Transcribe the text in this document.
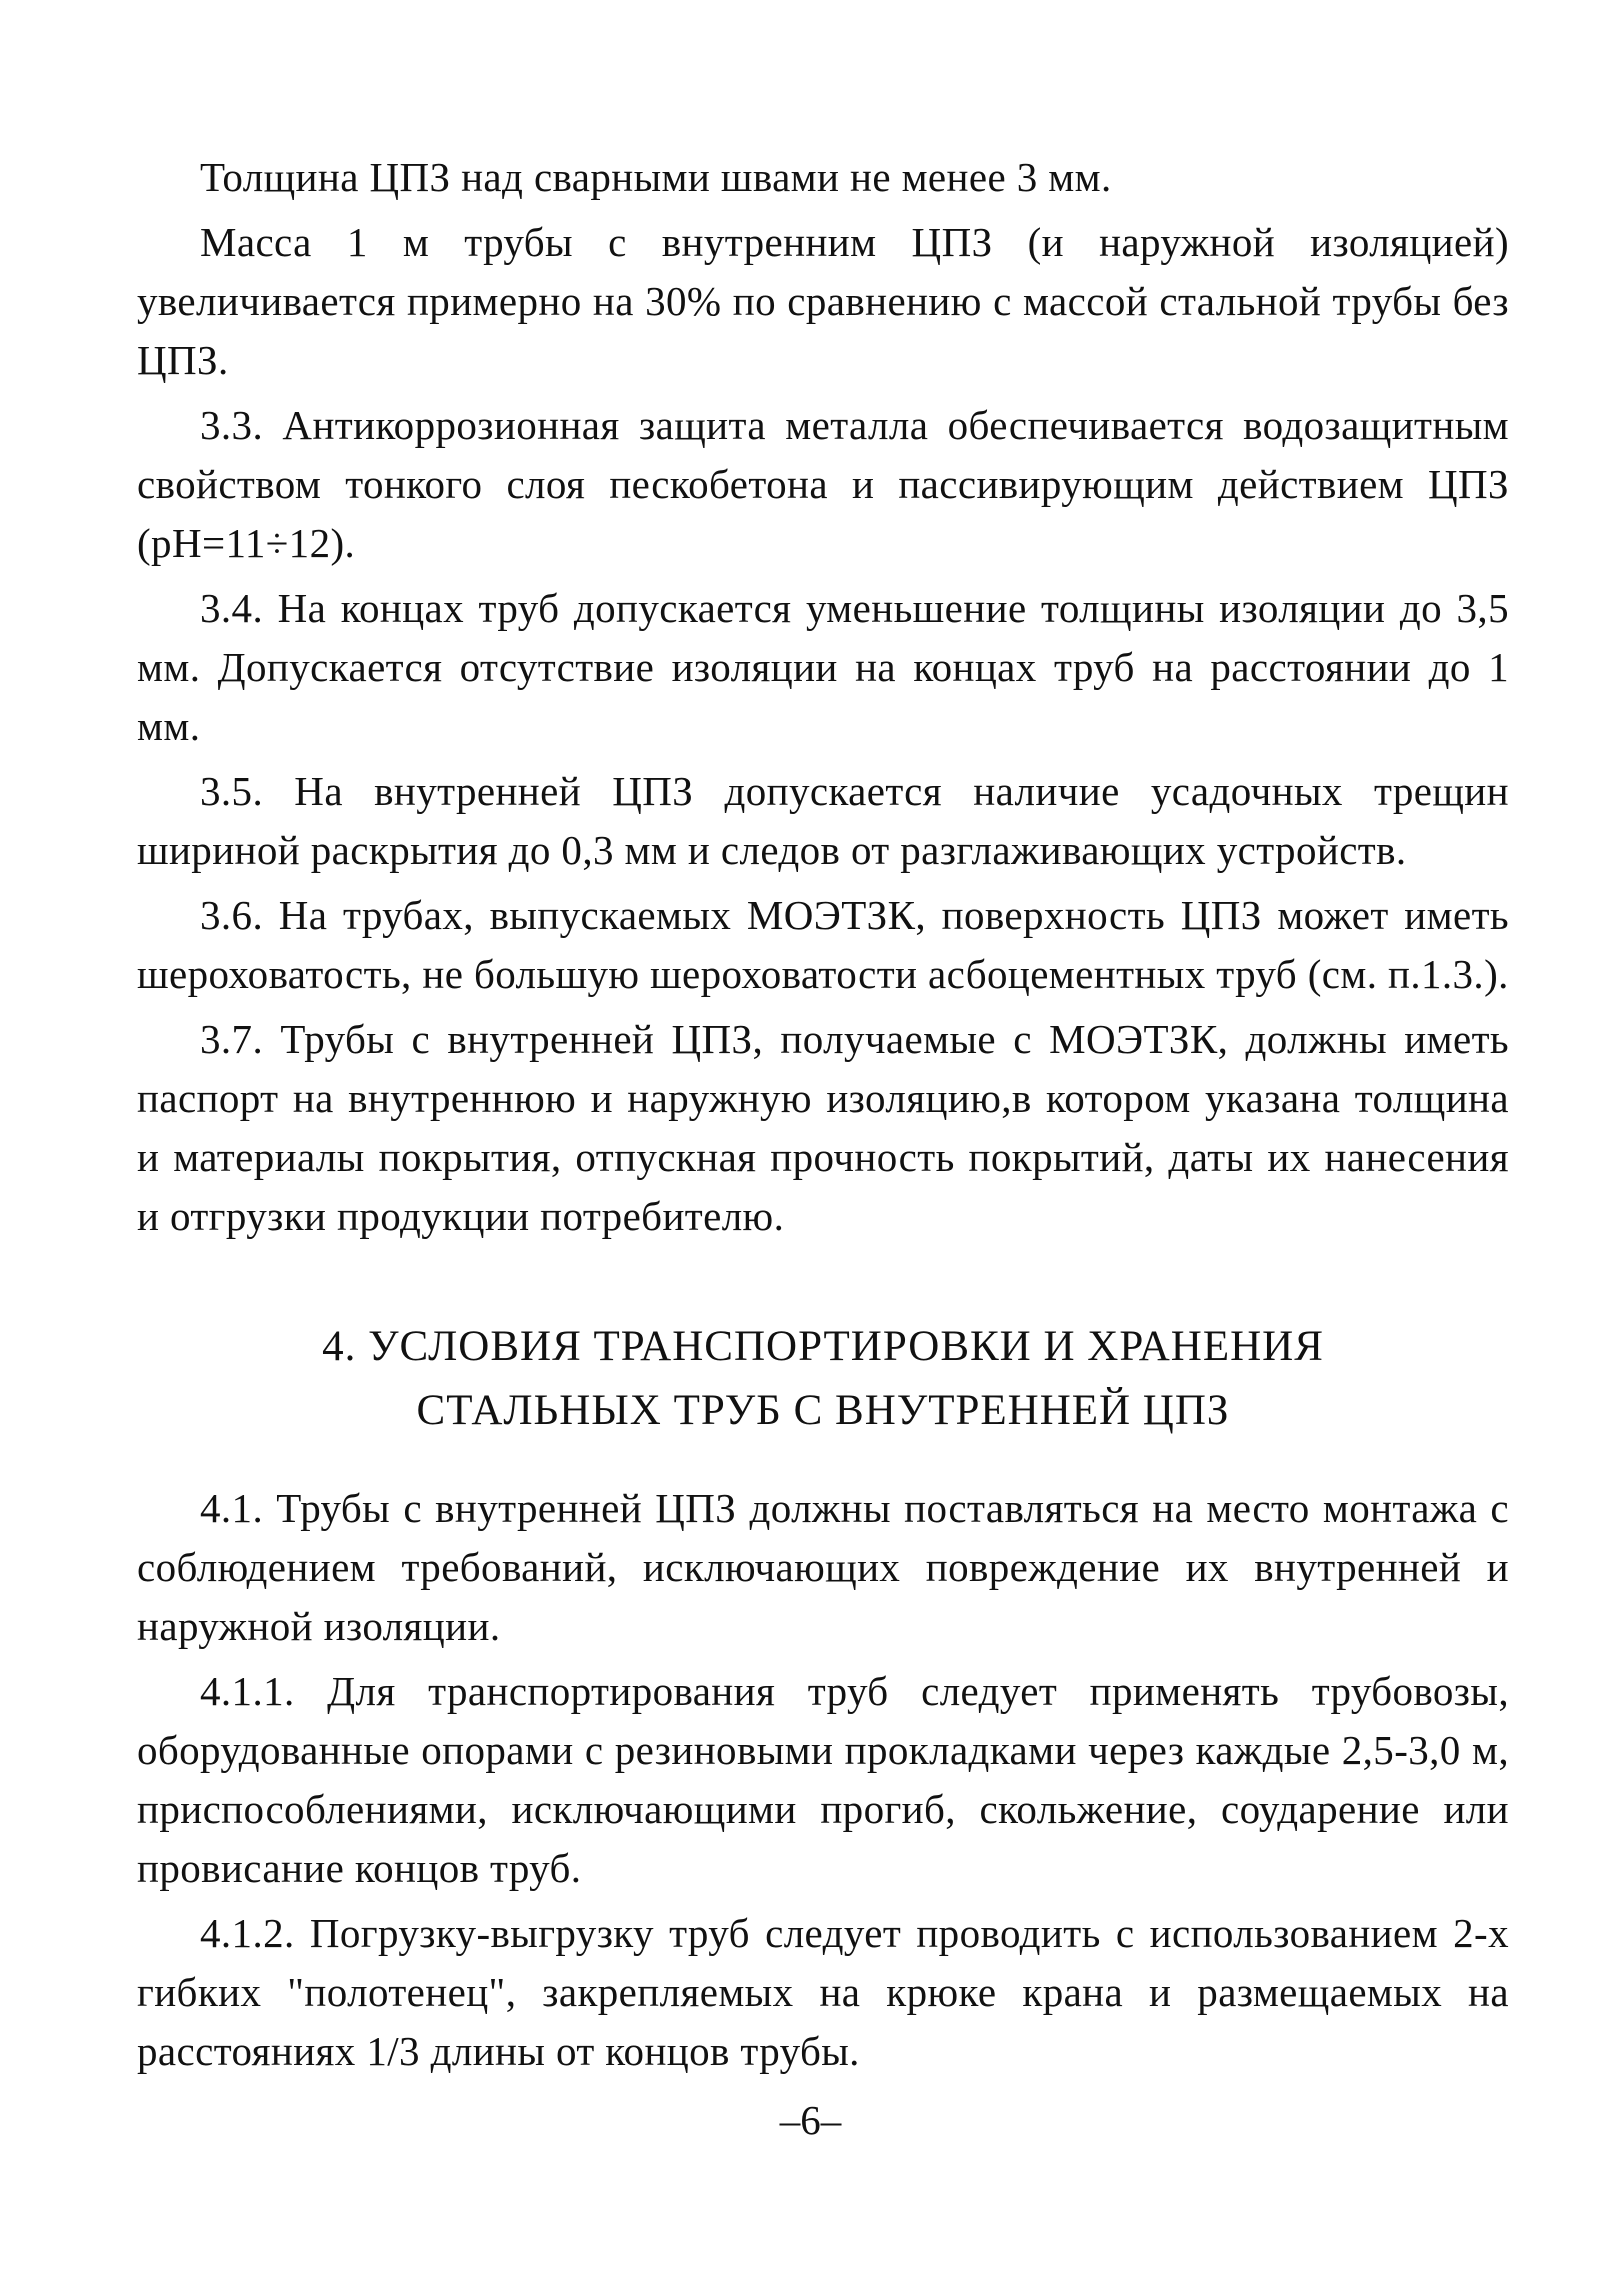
Толщина ЦПЗ над сварными швами не менее 3 мм.

Масса 1 м трубы с внутренним ЦПЗ (и наружной изоляцией) увеличивается примерно на 30% по сравнению с массой стальной трубы без ЦПЗ.

3.3. Антикоррозионная защита металла обеспечивается водозащитным свойством тонкого слоя пескобетона и пассивирующим действием ЦПЗ (рН=11÷12).

3.4. На концах труб допускается уменьшение толщины изоляции до 3,5 мм. Допускается отсутствие изоляции на концах труб на расстоянии до 1 мм.

3.5. На внутренней ЦПЗ допускается наличие усадочных трещин шириной раскрытия до 0,3 мм и следов от разглаживающих устройств.

3.6. На трубах, выпускаемых МОЭТЗК, поверхность ЦПЗ может иметь шероховатость, не большую шероховатости асбоцементных труб (см. п.1.3.).

3.7. Трубы с внутренней ЦПЗ, получаемые с МОЭТЗК, должны иметь паспорт на внутреннюю и наружную изоляцию,в котором указана толщина и материалы покрытия, отпускная прочность покрытий, даты их нанесения и отгрузки продукции потребителю.

4. УСЛОВИЯ ТРАНСПОРТИРОВКИ И ХРАНЕНИЯ
СТАЛЬНЫХ ТРУБ С ВНУТРЕННЕЙ ЦПЗ

4.1. Трубы с внутренней ЦПЗ должны поставляться на место монтажа с соблюдением требований, исключающих повреждение их внутренней и наружной изоляции.

4.1.1. Для транспортирования труб следует применять трубовозы, оборудованные опорами с резиновыми прокладками через каждые 2,5-3,0 м, приспособлениями, исключающими прогиб, скольжение, соударение или провисание концов труб.

4.1.2. Погрузку-выгрузку труб следует проводить с использованием 2-х гибких "полотенец", закрепляемых на крюке крана и размещаемых на расстояниях 1/3 длины от концов трубы.

–6–
